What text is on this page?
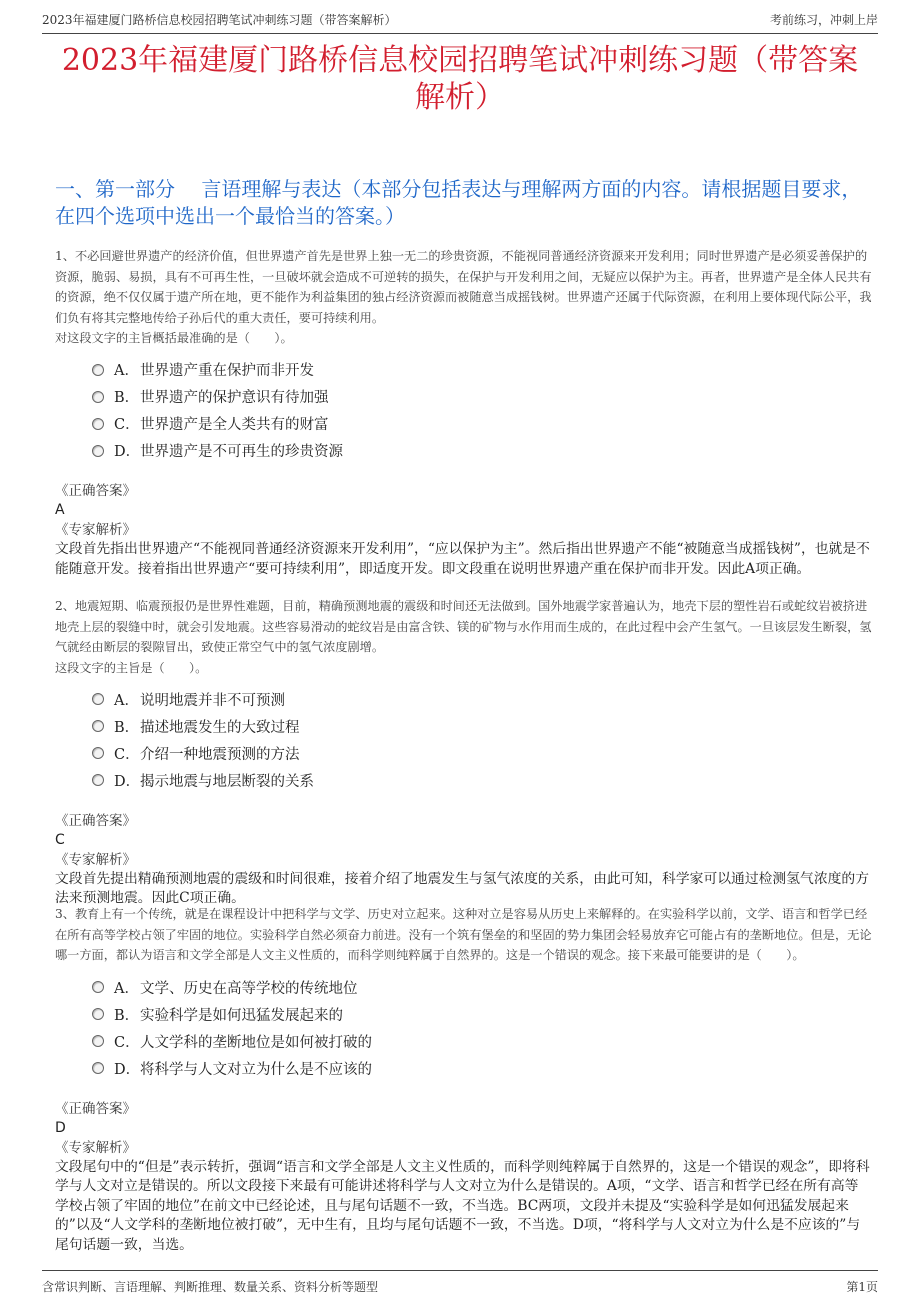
2023年福建厦门路桥信息校园招聘笔试冲刺练习题（带答案解析）	考前练习，冲刺上岸
2023年福建厦门路桥信息校园招聘笔试冲刺练习题（带答案解析）
一、第一部分　 言语理解与表达（本部分包括表达与理解两方面的内容。请根据题目要求，在四个选项中选出一个最恰当的答案。）
1、不必回避世界遗产的经济价值，但世界遗产首先是世界上独一无二的珍贵资源，不能视同普通经济资源来开发利用；同时世界遗产是必须妥善保护的资源，脆弱、易损，具有不可再生性，一旦破坏就会造成不可逆转的损失，在保护与开发利用之间，无疑应以保护为主。再者，世界遗产是全体人民共有的资源，绝不仅仅属于遗产所在地，更不能作为利益集团的独占经济资源而被随意当成摇钱树。世界遗产还属于代际资源，在利用上要体现代际公平，我们负有将其完整地传给子孙后代的重大责任，要可持续利用。
对这段文字的主旨概括最准确的是（　　）。
A． 世界遗产重在保护而非开发
B． 世界遗产的保护意识有待加强
C． 世界遗产是全人类共有的财富
D． 世界遗产是不可再生的珍贵资源
《正确答案》
A
《专家解析》
文段首先指出世界遗产“不能视同普通经济资源来开发利用”，“应以保护为主”。然后指出世界遗产不能“被随意当成摇钱树”，也就是不能随意开发。接着指出世界遗产“要可持续利用”，即适度开发。即文段重在说明世界遗产重在保护而非开发。因此A项正确。
2、地震短期、临震预报仍是世界性难题，目前，精确预测地震的震级和时间还无法做到。国外地震学家普遍认为，地壳下层的塑性岩石或蛇纹岩被挤进地壳上层的裂缝中时，就会引发地震。这些容易滑动的蛇纹岩是由富含铁、镁的矿物与水作用而生成的，在此过程中会产生氢气。一旦该层发生断裂，氢气就经由断层的裂隙冒出，致使正常空气中的氢气浓度剧增。
这段文字的主旨是（　　）。
A． 说明地震并非不可预测
B． 描述地震发生的大致过程
C． 介绍一种地震预测的方法
D． 揭示地震与地层断裂的关系
《正确答案》
C
《专家解析》
文段首先提出精确预测地震的震级和时间很难，接着介绍了地震发生与氢气浓度的关系，由此可知，科学家可以通过检测氢气浓度的方法来预测地震。因此C项正确。
3、教育上有一个传统，就是在课程设计中把科学与文学、历史对立起来。这种对立是容易从历史上来解释的。在实验科学以前，文学、语言和哲学已经在所有高等学校占领了牢固的地位。实验科学自然必须奋力前进。没有一个筑有堡垒的和坚固的势力集团会轻易放弃它可能占有的垄断地位。但是，无论哪一方面，都认为语言和文学全部是人文主义性质的，而科学则纯粹属于自然界的。这是一个错误的观念。接下来最可能要讲的是（　　）。
A． 文学、历史在高等学校的传统地位
B． 实验科学是如何迅猛发展起来的
C． 人文学科的垄断地位是如何被打破的
D． 将科学与人文对立为什么是不应该的
《正确答案》
D
《专家解析》
文段尾句中的“但是”表示转折，强调“语言和文学全部是人文主义性质的，而科学则纯粹属于自然界的，这是一个错误的观念”，即将科学与人文对立是错误的。所以文段接下来最有可能讲述将科学与人文对立为什么是错误的。A项，“文学、语言和哲学已经在所有高等学校占领了牢固的地位”在前文中已经论述，且与尾句话题不一致，不当选。BC两项，文段并未提及“实验科学是如何迅猛发展起来的”以及“人文学科的垄断地位被打破”，无中生有，且均与尾句话题不一致，不当选。D项，“将科学与人文对立为什么是不应该的”与尾句话题一致，当选。
含常识判断、言语理解、判断推理、数量关系、资料分析等题型	第1页
